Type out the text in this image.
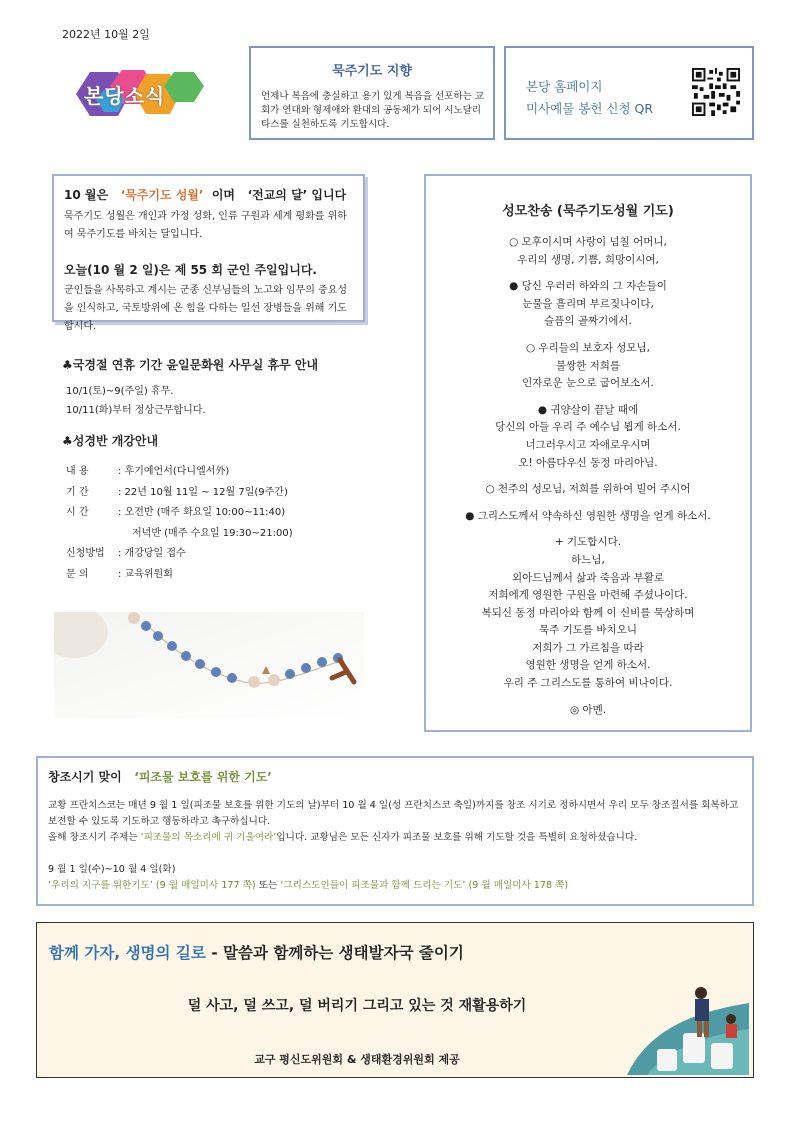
2022년 10월 2일
본당소식
묵주기도 지향
언제나 복음에 충실하고 용기 있게 복음을 선포하는 교회가 연대와 형제애와 환대의 공동체가 되어 시노달리타스를 실천하도록 기도합시다.
본당 홈페이지
미사예물 봉헌 신청 QR
10 월은 ‘묵주기도 성월’ 이며 ‘전교의 달’ 입니다
묵주기도 성월은 개인과 가정 성화, 인류 구원과 세계 평화를 위하여 묵주기도를 바치는 달입니다.
오늘(10 월 2 일)은 제 55 회 군인 주일입니다.
군인들을 사목하고 계시는 군종 신부님들의 노고와 임무의 중요성을 인식하고, 국토방위에 온 힘을 다하는 일선 장병들을 위해 기도합시다.
♣국경절 연휴 기간 윤일문화원 사무실 휴무 안내
10/1(토)~9(주일) 휴무.
10/11(화)부터 정상근무합니다.
♣성경반 개강안내
내 용	: 후기예언서(다니엘서外)
기 간	: 22년 10월 11일 ~ 12월 7일(9주간)
시 간	: 오전반 (매주 화요일 10:00~11:40)
저녁반 (매주 수요일 19:30~21:00)
신청방법	: 개강당일 접수
문 의	: 교육위원회
성모찬송 (묵주기도성월 기도)

○ 모후이시며 사랑이 넘칠 어머니,
우리의 생명, 기쁨, 희망이시여,

● 당신 우러러 하와의 그 자손들이
눈물을 흘리며 부르짖나이다,
슬픔의 골짜기에서.

○ 우리들의 보호자 성모님,
불쌍한 저희를
인자로운 눈으로 굽어보소서.

● 귀양살이 끝날 때에
당신의 아들 우리 주 예수님 뵙게 하소서.
너그러우시고 자애로우시며
오! 아름다우신 동정 마리아님.

○ 천주의 성모님, 저희를 위하여 빌어 주시어

● 그리스도께서 약속하신 영원한 생명을 얻게 하소서.

+ 기도합시다.
하느님,
외아드님께서 삶과 죽음과 부활로
저희에게 영원한 구원을 마련해 주셨나이다.
복되신 동정 마리아와 함께 이 신비를 묵상하며
묵주 기도를 바치오니
저희가 그 가르침을 따라
영원한 생명을 얻게 하소서.
우리 주 그리스도를 통하여 비나이다.

◎ 아멘.

창조시기 맞이 ‘피조물 보호를 위한 기도’
교황 프란치스코는 매년 9 월 1 일(피조물 보호를 위한 기도의 날)부터 10 월 4 일(성 프란치스코 축일)까지를 창조 시기로 정하시면서 우리 모두 창조질서를 회복하고 보전할 수 있도록 기도하고 행동하라고 촉구하십니다.
올해 창조시기 주제는 ‘피조물의 목소리에 귀 기울여라’입니다. 교황님은 모든 신자가 피조물 보호를 위해 기도할 것을 특별히 요청하셨습니다.
9 월 1 일(수)~10 월 4 일(화)
‘우리의 지구를 위한기도’ (9 월 매일미사 177 쪽) 또는 ‘그리스도인들이 피조물과 함께 드리는 기도’ (9 월 매일미사 178 쪽)
함께 가자, 생명의 길로 - 말씀과 함께하는 생태발자국 줄이기
덜 사고, 덜 쓰고, 덜 버리기 그리고 있는 것 재활용하기
교구 평신도위원회 & 생태환경위원회 제공
